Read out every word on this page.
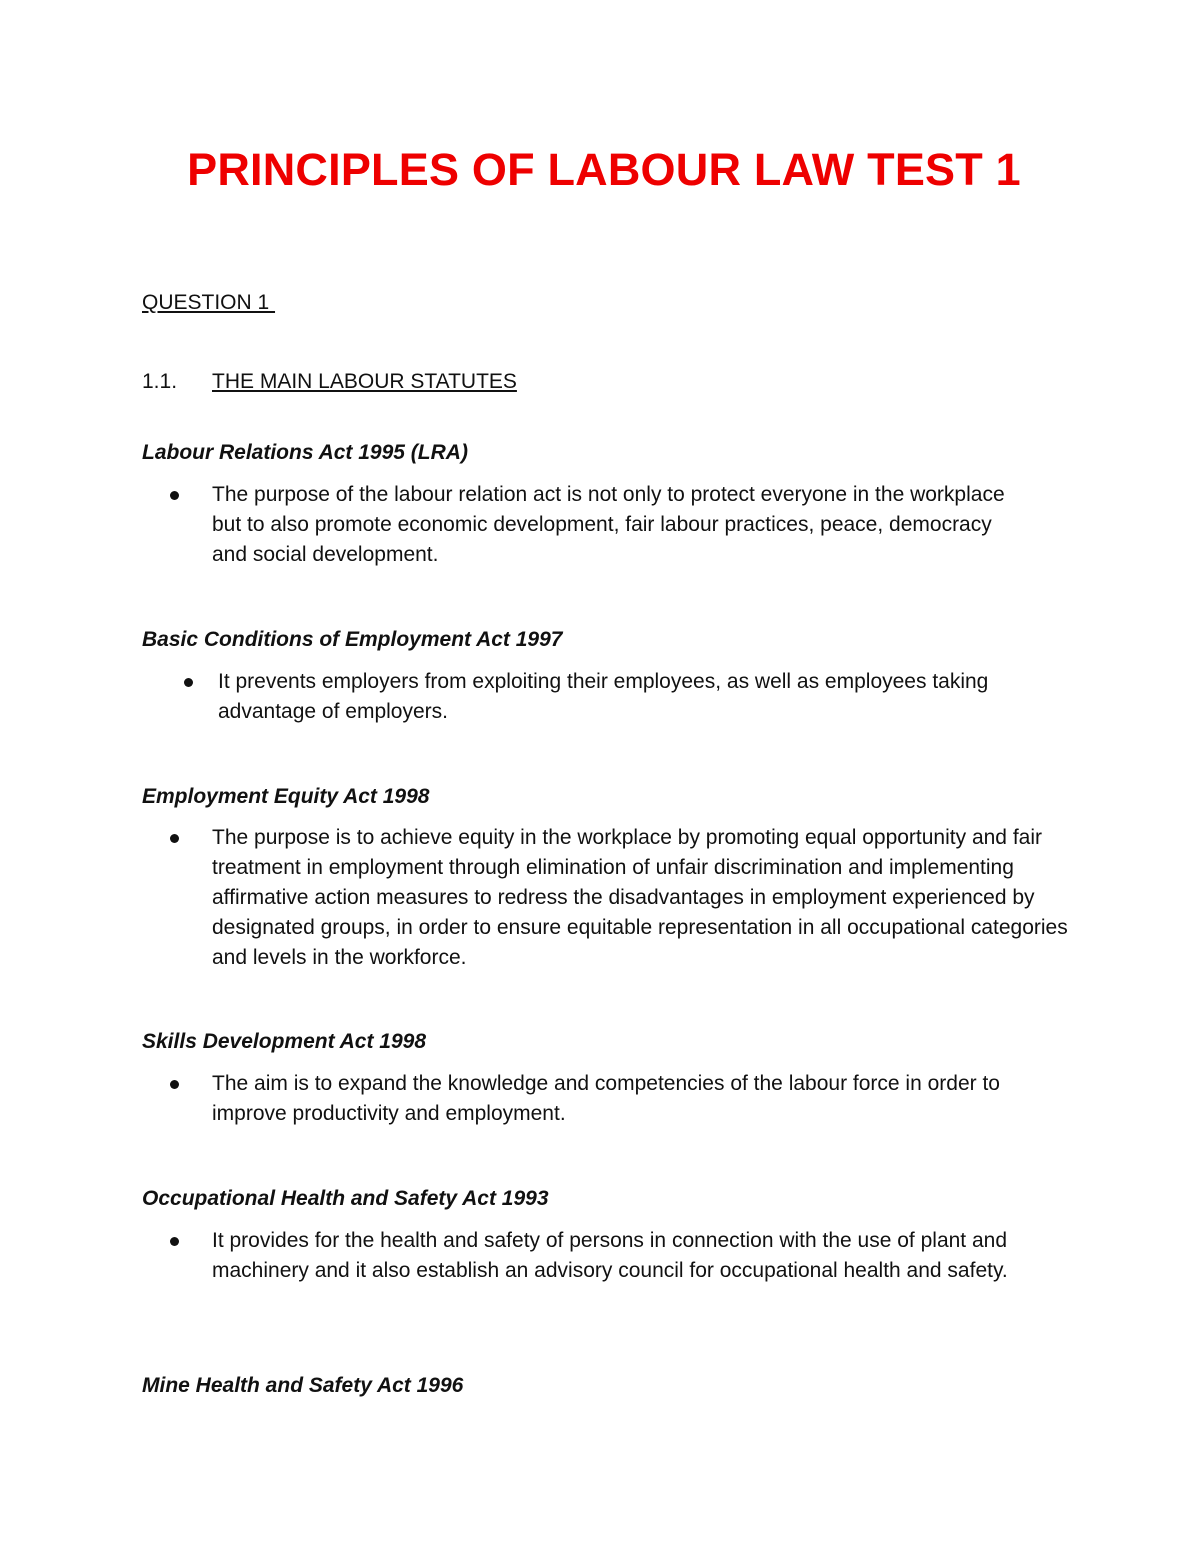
PRINCIPLES OF LABOUR LAW TEST 1

QUESTION 1

1.1. THE MAIN LABOUR STATUTES

Labour Relations Act 1995 (LRA)

The purpose of the labour relation act is not only to protect everyone in the workplace but to also promote economic development, fair labour practices, peace, democracy and social development.

Basic Conditions of Employment Act 1997

It prevents employers from exploiting their employees, as well as employees taking advantage of employers.

Employment Equity Act 1998

The purpose is to achieve equity in the workplace by promoting equal opportunity and fair treatment in employment through elimination of unfair discrimination and implementing affirmative action measures to redress the disadvantages in employment experienced by designated groups, in order to ensure equitable representation in all occupational categories and levels in the workforce.

Skills Development Act 1998

The aim is to expand the knowledge and competencies of the labour force in order to improve productivity and employment.

Occupational Health and Safety Act 1993

It provides for the health and safety of persons in connection with the use of plant and machinery and it also establish an advisory council for occupational health and safety.

Mine Health and Safety Act 1996
